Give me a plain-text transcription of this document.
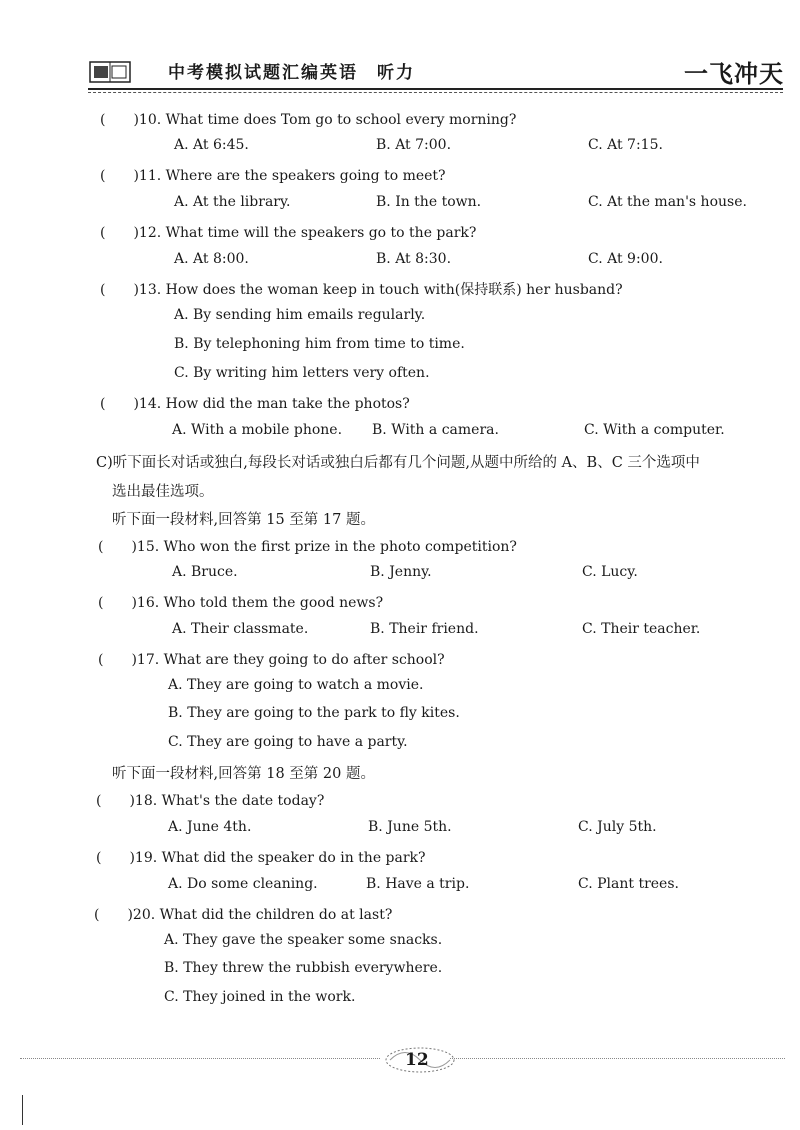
中考模拟试题汇编英语　听力	一飞冲天
(　　)10. What time does Tom go to school every morning?
A. At 6:45.	B. At 7:00.	C. At 7:15.
(　　)11. Where are the speakers going to meet?
A. At the library.	B. In the town.	C. At the man's house.
(　　)12. What time will the speakers go to the park?
A. At 8:00.	B. At 8:30.	C. At 9:00.
(　　)13. How does the woman keep in touch with(保持联系) her husband?
A. By sending him emails regularly.
B. By telephoning him from time to time.
C. By writing him letters very often.
(　　)14. How did the man take the photos?
A. With a mobile phone. B. With a camera.	C. With a computer.
C)听下面长对话或独白,每段长对话或独白后都有几个问题,从题中所给的 A、B、C 三个选项中
选出最佳选项。
听下面一段材料,回答第 15 至第 17 题。
(　　)15. Who won the first prize in the photo competition?
A. Bruce.	B. Jenny.	C. Lucy.
(　　)16. Who told them the good news?
A. Their classmate.	B. Their friend.	C. Their teacher.
(　　)17. What are they going to do after school?
A. They are going to watch a movie.
B. They are going to the park to fly kites.
C. They are going to have a party.
听下面一段材料,回答第 18 至第 20 题。
(　　)18. What's the date today?
A. June 4th.	B. June 5th.	C. July 5th.
(　　)19. What did the speaker do in the park?
A. Do some cleaning.	B. Have a trip.	C. Plant trees.
(　　)20. What did the children do at last?
A. They gave the speaker some snacks.
B. They threw the rubbish everywhere.
C. They joined in the work.
12
